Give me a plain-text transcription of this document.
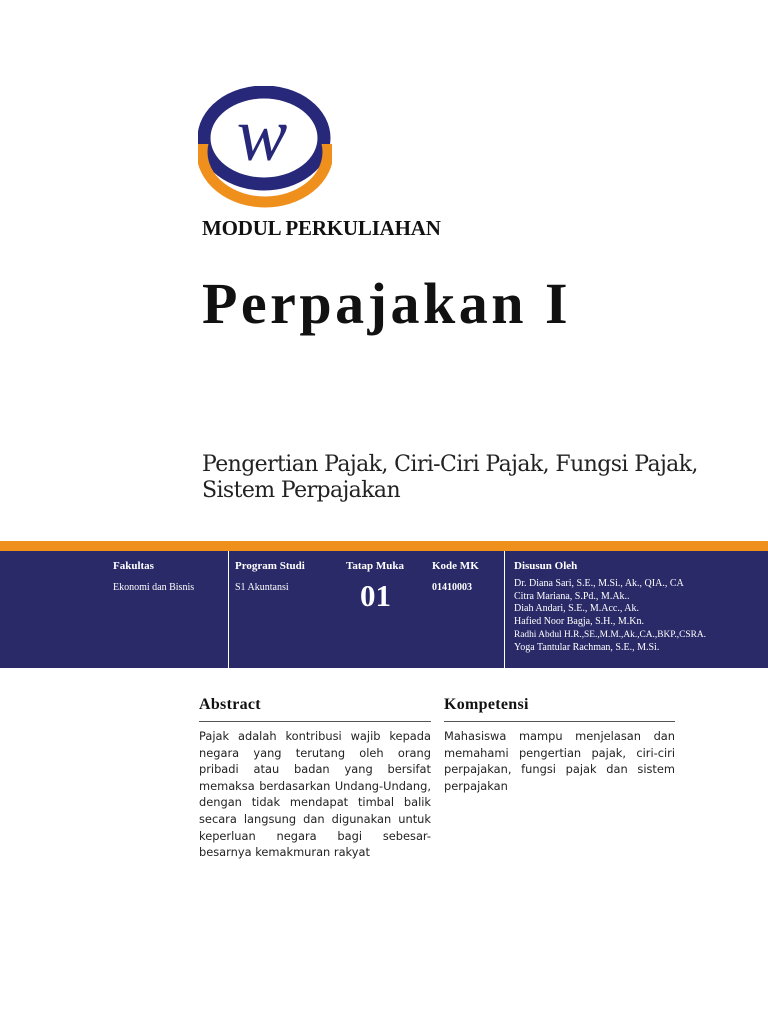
w
MODUL PERKULIAHAN
Perpajakan I
Pengertian Pajak, Ciri-Ciri Pajak, Fungsi Pajak, Sistem Perpajakan
Fakultas
Ekonomi dan Bisnis
Program Studi
S1 Akuntansi
Tatap Muka
01
Kode MK
01410003
Disusun Oleh
Dr. Diana Sari, S.E., M.Si., Ak., QIA., CA
Citra Mariana, S.Pd., M.Ak..
Diah Andari, S.E., M.Acc., Ak.
Hafied Noor Bagja, S.H., M.Kn.
Radhi Abdul H.R.,SE.,M.M.,Ak.,CA.,BKP.,CSRA.
Yoga Tantular Rachman, S.E., M.Si.
Abstract
Pajak adalah kontribusi wajib kepada negara yang terutang oleh orang pribadi atau badan yang bersifat memaksa berdasarkan Undang-Undang, dengan tidak mendapat timbal balik secara langsung dan digunakan untuk keperluan negara bagi sebesar-besarnya kemakmuran rakyat
Kompetensi
Mahasiswa mampu menjelasan dan memahami pengertian pajak, ciri-ciri perpajakan, fungsi pajak dan sistem perpajakan
